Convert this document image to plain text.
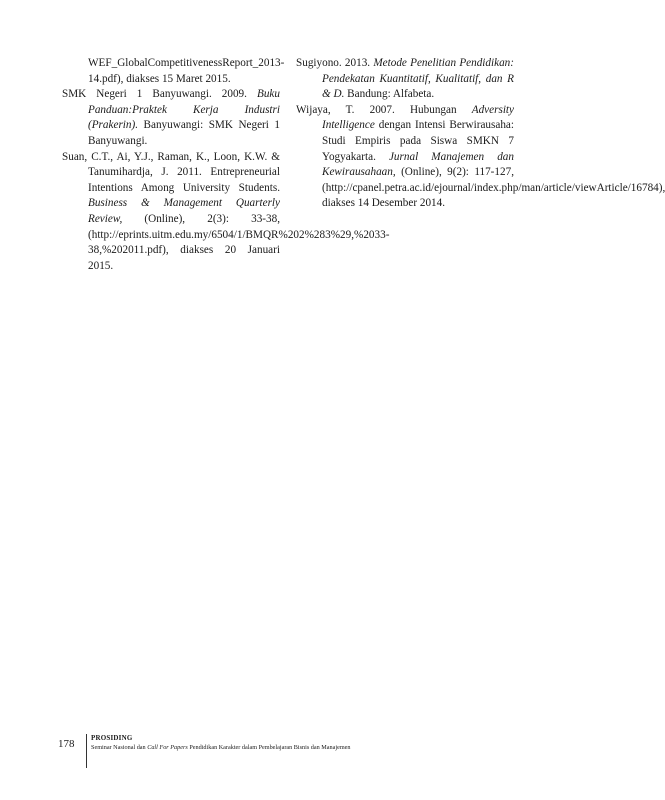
WEF_GlobalCompetitivenessReport_2013-14.pdf), diakses 15 Maret 2015.

SMK Negeri 1 Banyuwangi. 2009. Buku Panduan:Praktek Kerja Industri (Prakerin). Banyuwangi: SMK Negeri 1 Banyuwangi.

Suan, C.T., Ai, Y.J., Raman, K., Loon, K.W. & Tanumihardja, J. 2011. Entrepreneurial Intentions Among University Students. Business & Management Quarterly Review, (Online), 2(3): 33-38, (http://eprints.uitm.edu.my/6504/1/BMQR%202%283%29,%2033-38,%202011.pdf), diakses 20 Januari 2015.

Sugiyono. 2013. Metode Penelitian Pendidikan: Pendekatan Kuantitatif, Kualitatif, dan R & D. Bandung: Alfabeta.

Wijaya, T. 2007. Hubungan Adversity Intelligence dengan Intensi Berwirausaha: Studi Empiris pada Siswa SMKN 7 Yogyakarta. Jurnal Manajemen dan Kewirausahaan, (Online), 9(2): 117-127, (http://cpanel.petra.ac.id/ejournal/index.php/man/article/viewArticle/16784), diakses 14 Desember 2014.

178 PROSIDING
Seminar Nasional dan Call For Papers Pendidikan Karakter dalam Pembelajaran Bisnis dan Manajemen
